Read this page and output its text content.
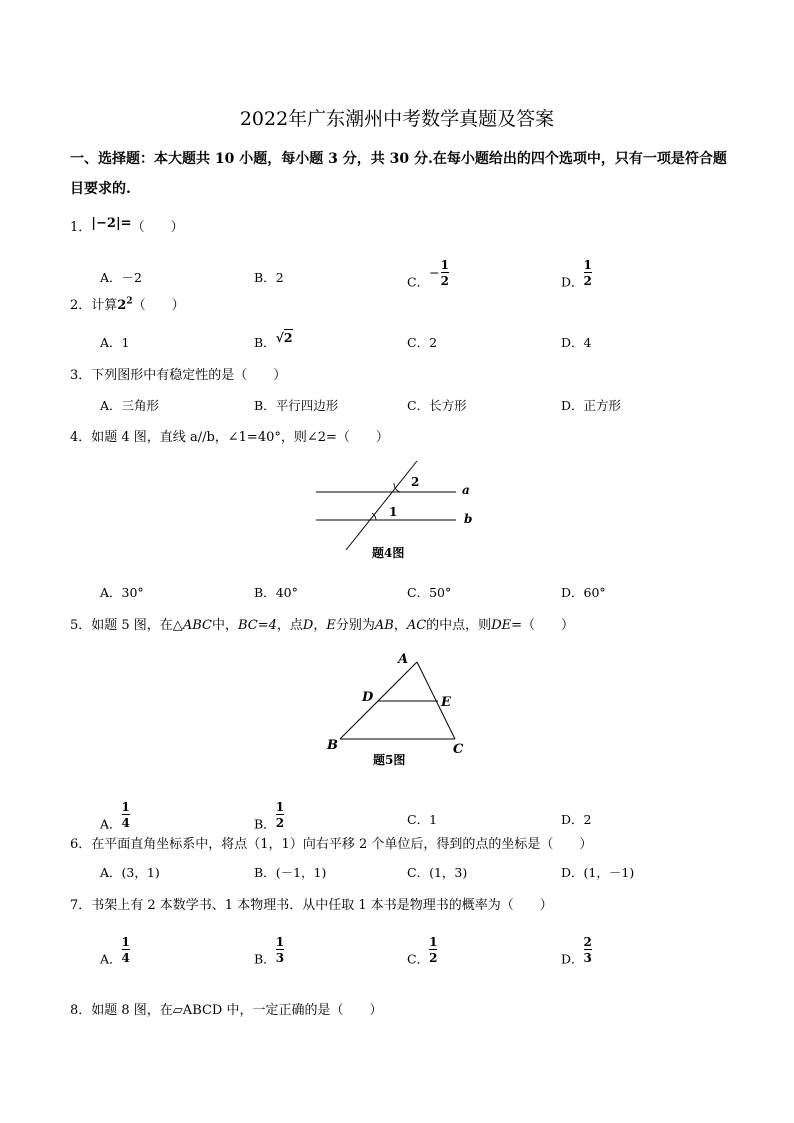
2022年广东潮州中考数学真题及答案
一、选择题：本大题共 10 小题，每小题 3 分，共 30 分.在每小题给出的四个选项中，只有一项是符合题
目要求的.
1．|−2|=（　　）
A．－2	B．2	C．− $\frac{1}{2}$	D． $\frac{1}{2}$
2．计算$2^2$（　　）
A．1	B．√2	C．2	D．4
3．下列图形中有稳定性的是（　　）
A．三角形	B．平行四边形	C．长方形	D．正方形
4．如题 4 图，直线 a//b，∠1=40°，则∠2=（　　）
2
1
a
b
题4图
A．30°	B．40°	C．50°	D．60°
5．如题 5 图，在△ABC中，BC=4，点D，E分别为AB，AC的中点，则DE=（　　）
A
D	E
B	C
题5图
A． $\frac{1}{4}$	B． $\frac{1}{2}$	C．1	D．2
6．在平面直角坐标系中，将点（1，1）向右平移 2 个单位后，得到的点的坐标是（　　）
A．(3，1)	B．(－1，1)	C．(1，3)	D．(1，－1)
7．书架上有 2 本数学书、1 本物理书．从中任取 1 本书是物理书的概率为（　　）
A． $\frac{1}{4}$	B． $\frac{1}{3}$	C． $\frac{1}{2}$	D． $\frac{2}{3}$
8．如题 8 图，在▱ABCD 中，一定正确的是（　　）
